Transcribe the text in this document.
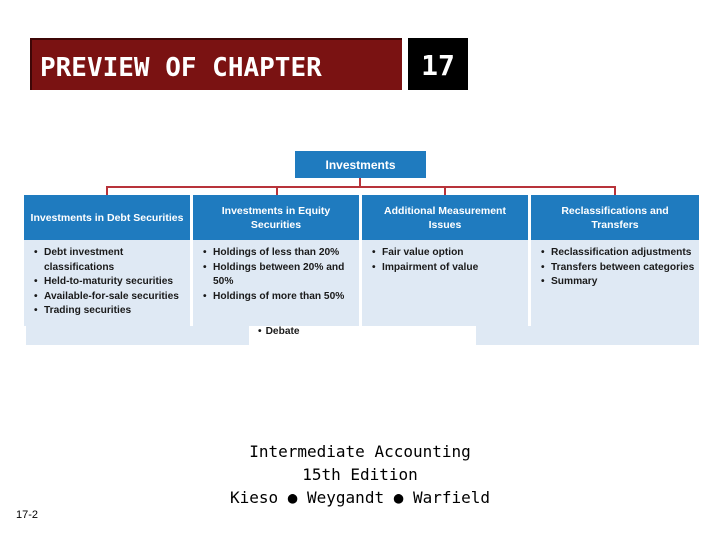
PREVIEW OF CHAPTER	17
Investments
Investments in Debt Securities
• Debt investment classifications
• Held-to-maturity securities
• Available-for-sale securities
• Trading securities
Investments in Equity Securities
• Holdings of less than 20%
• Holdings between 20% and 50%
• Holdings of more than 50%
Additional Measurement Issues
• Fair value option
• Impairment of value
Reclassifications and Transfers
• Reclassification adjustments
• Transfers between categories
• Summary
• Debate
Intermediate Accounting
15th Edition
Kieso ● Weygandt ● Warfield
17-2
